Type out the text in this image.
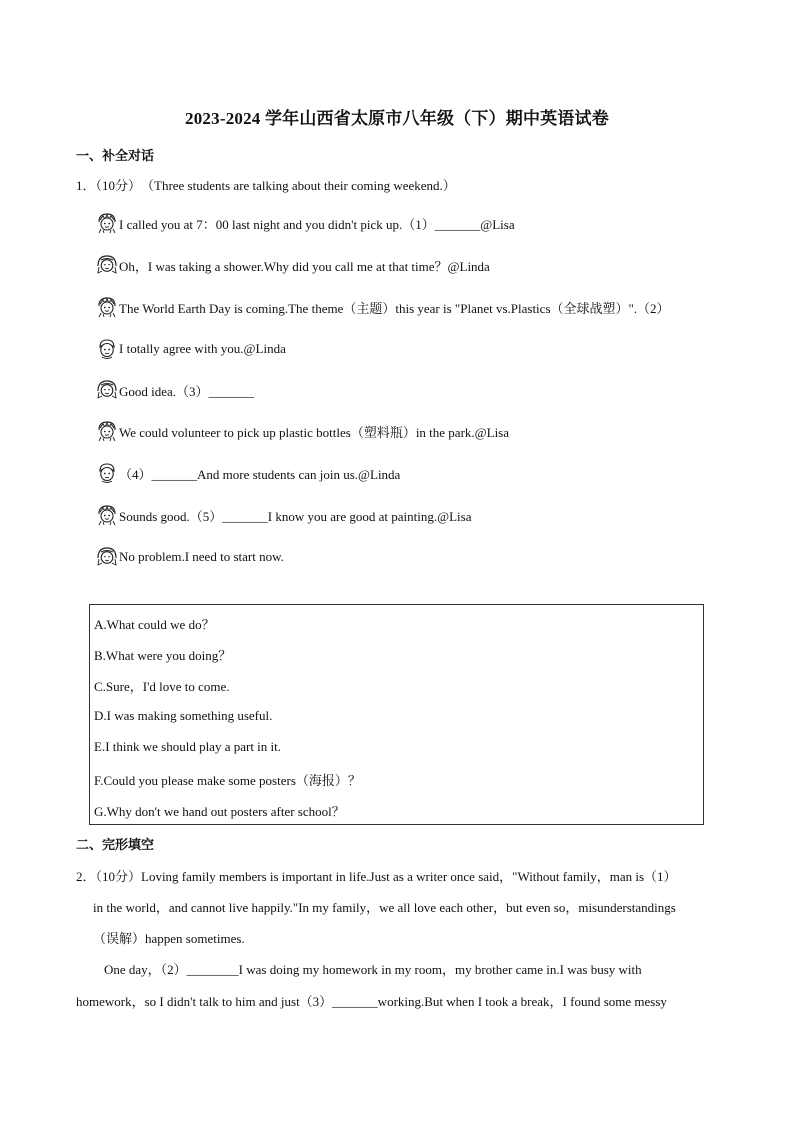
2023-2024 学年山西省太原市八年级（下）期中英语试卷
一、补全对话
1．（10分）　（Three students are talking about their coming weekend.）
I called you at 7：00 last night and you didn't pick up.（1）_______@Lisa
Oh，I was taking a shower.Why did you call me at that time？@Linda
The World Earth Day is coming.The theme（主题）this year is "Planet vs.Plastics（全球战塑）".（2）
I totally agree with you.@Linda
Good idea.（3）_______
We could volunteer to pick up plastic bottles（塑料瓶）in the park.@Lisa
（4）_______And more students can join us.@Linda
Sounds good.（5）_______I know you are good at painting.@Lisa
No problem.I need to start now.
A.What could we do？
B.What were you doing？
C.Sure，I'd love to come.
D.I was making something useful.
E.I think we should play a part in it.
F.Could you please make some posters（海报）？
G.Why don't we hand out posters after school？
二、完形填空
2．（10分）Loving family members is important in life.Just as a writer once said，"Without family，man is（1）
in the world，and cannot live happily."In my family，we all love each other，but even so，misunderstandings
（误解）happen sometimes.
One day，（2）________I was doing my homework in my room，my brother came in.I was busy with
homework，so I didn't talk to him and just（3）_______working.But when I took a break，I found some messy
